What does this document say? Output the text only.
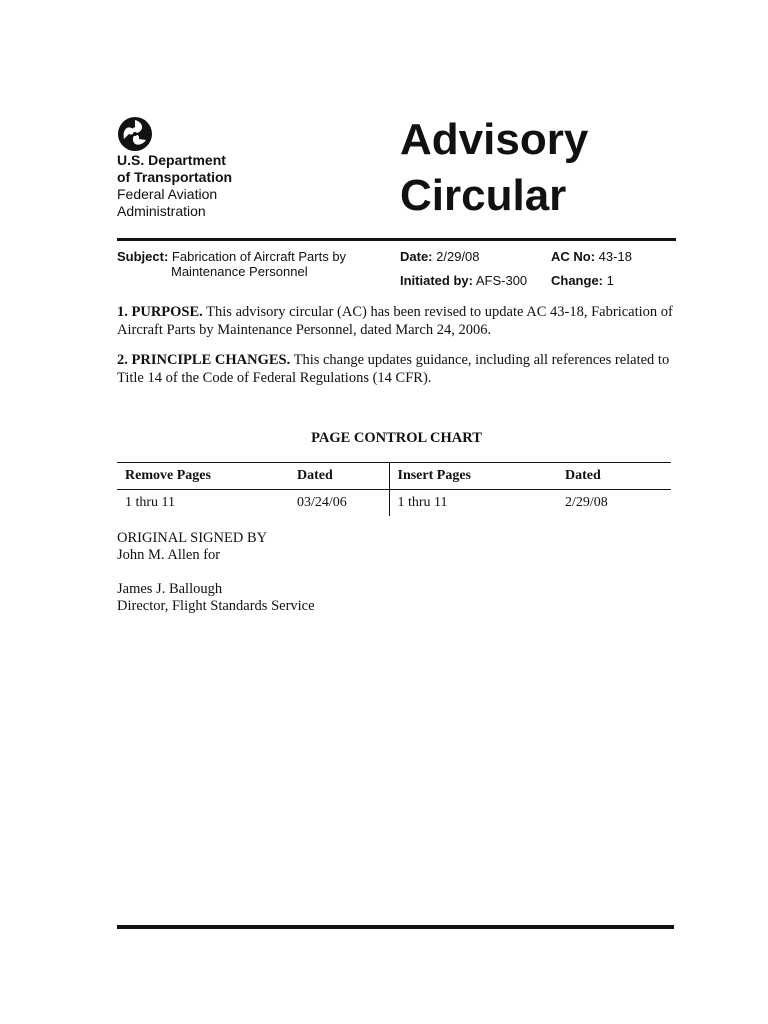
U.S. Department
of Transportation
Federal Aviation
Administration
Advisory
Circular
Subject: Fabrication of Aircraft Parts by
Maintenance Personnel
Date: 2/29/08	AC No: 43-18
Initiated by: AFS-300 Change: 1
1. PURPOSE. This advisory circular (AC) has been revised to update AC 43-18, Fabrication of Aircraft Parts by Maintenance Personnel, dated March 24, 2006.
2. PRINCIPLE CHANGES. This change updates guidance, including all references related to Title 14 of the Code of Federal Regulations (14 CFR).
PAGE CONTROL CHART
Remove Pages	Dated	Insert Pages	Dated
1 thru 11	03/24/06	1 thru 11	2/29/08
ORIGINAL SIGNED BY
John M. Allen for
James J. Ballough
Director, Flight Standards Service
